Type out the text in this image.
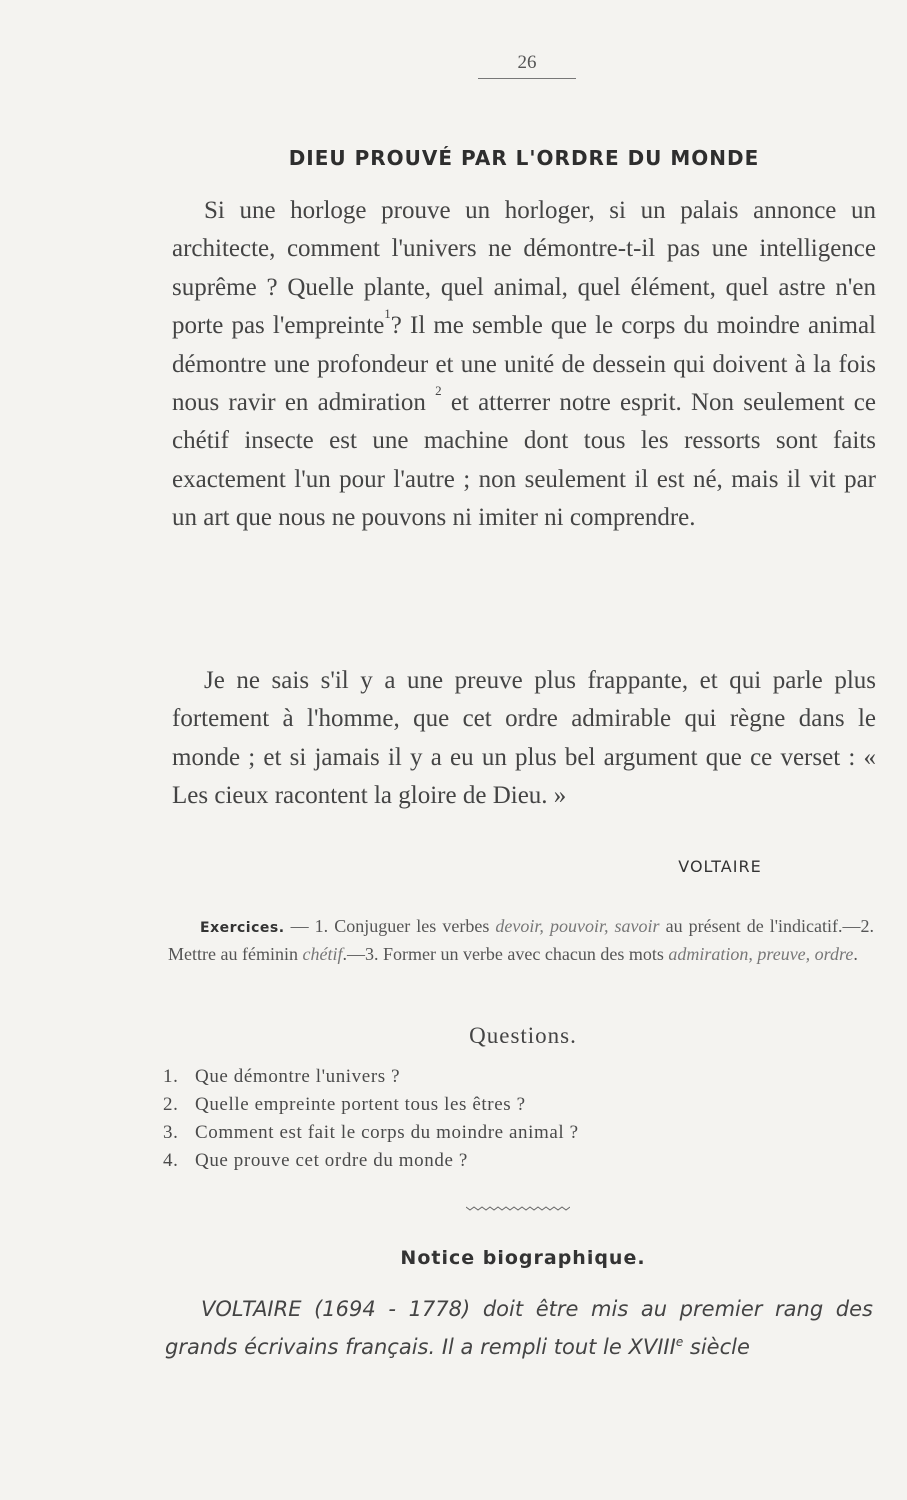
26
DIEU PROUVÉ PAR L'ORDRE DU MONDE

Si une horloge prouve un horloger, si un palais annonce un architecte, comment l'univers ne démontre-t-il pas une intelligence suprême ? Quelle plante, quel animal, quel élément, quel astre n'en porte pas l'empreinte$^1$? Il me semble que le corps du moindre animal démontre une profondeur et une unité de dessein qui doivent à la fois nous ravir en admiration $^2$ et atterrer notre esprit. Non seulement ce chétif insecte est une machine dont tous les ressorts sont faits exactement l'un pour l'autre ; non seulement il est né, mais il vit par un art que nous ne pouvons ni imiter ni comprendre.

Je ne sais s'il y a une preuve plus frappante, et qui parle plus fortement à l'homme, que cet ordre admirable qui règne dans le monde ; et si jamais il y a eu un plus bel argument que ce verset : « Les cieux racontent la gloire de Dieu. »

VOLTAIRE

Exercices. — 1. Conjuguer les verbes devoir, pouvoir, savoir au présent de l'indicatif.—2. Mettre au féminin chétif.—3. Former un verbe avec chacun des mots admiration, preuve, ordre.

Questions.
1. Que démontre l'univers ?
2. Quelle empreinte portent tous les êtres ?
3. Comment est fait le corps du moindre animal ?
4. Que prouve cet ordre du monde ?
Notice biographique.

VOLTAIRE (1694 - 1778) doit être mis au premier rang des grands écrivains français. Il a rempli tout le XVIIIe siècle
